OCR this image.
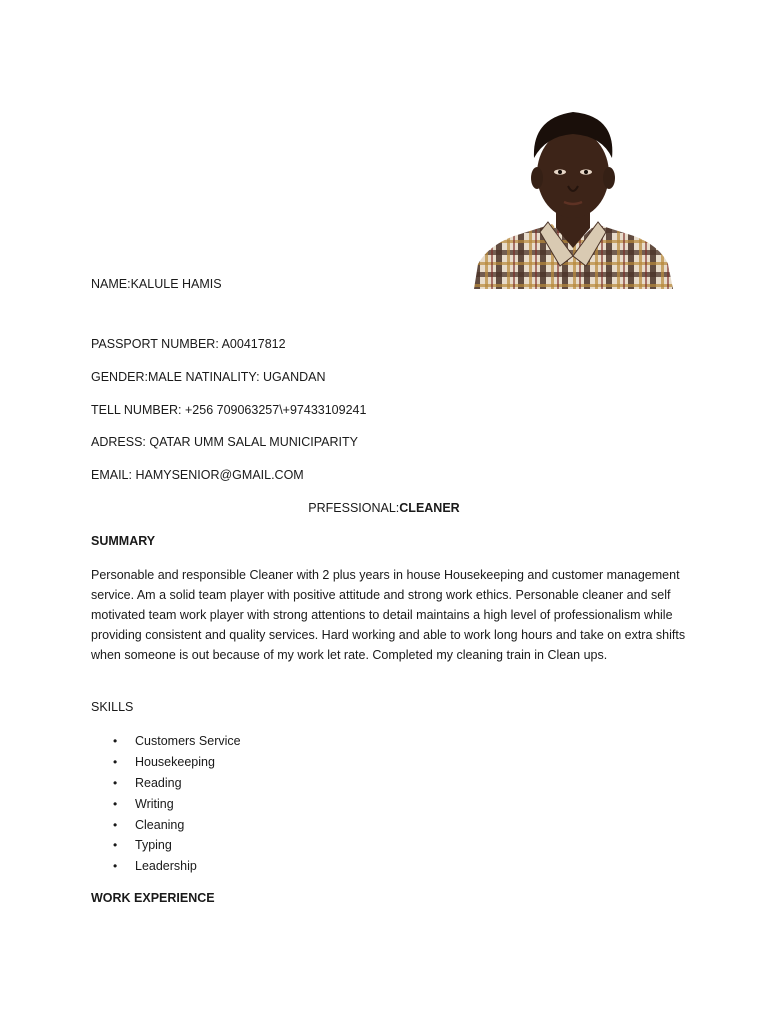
NAME:KALULE HAMIS
PASSPORT NUMBER: A00417812
GENDER:MALE NATINALITY: UGANDAN
TELL NUMBER: +256 709063257\+97433109241
ADRESS: QATAR UMM SALAL MUNICIPARITY
EMAIL: HAMYSENIOR@GMAIL.COM
PRFESSIONAL:CLEANER
SUMMARY
Personable and responsible Cleaner with 2 plus years in house Housekeeping and customer management service. Am a solid team player with positive attitude and strong work ethics. Personable cleaner and self motivated team work player with strong attentions to detail maintains a high level of professionalism while providing consistent and quality services. Hard working and able to work long hours and take on extra shifts when someone is out because of my work let rate. Completed my cleaning train in Clean ups.
SKILLS
• Customers Service
• Housekeeping
• Reading
• Writing
• Cleaning
• Typing
• Leadership
WORK EXPERIENCE
